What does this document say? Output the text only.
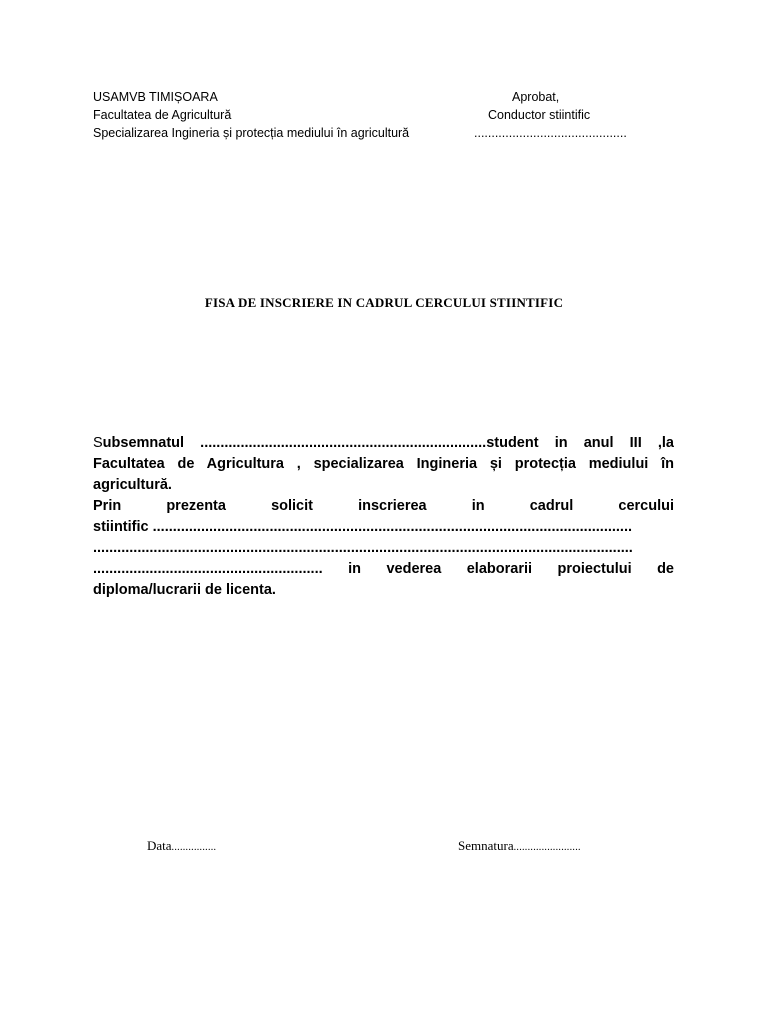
USAMVB TIMIȘOARA
Facultatea de Agricultură
Specializarea Ingineria și protecția mediului în agricultură
Aprobat,
Conductor stiintific
............................................
FISA DE INSCRIERE IN CADRUL CERCULUI STIINTIFIC
Subsemnatul .......................................................................student in anul III ,la
Facultatea de Agricultura , specializarea Ingineria și protecția mediului în
agricultură.
Prin prezenta solicit inscrierea in cadrul cercului
stiintific .......................................................................................................................
......................................................................................................................................
......................................................... in vederea elaborarii proiectului de
diploma/lucrarii de licenta.
Data................	Semnatura........................
